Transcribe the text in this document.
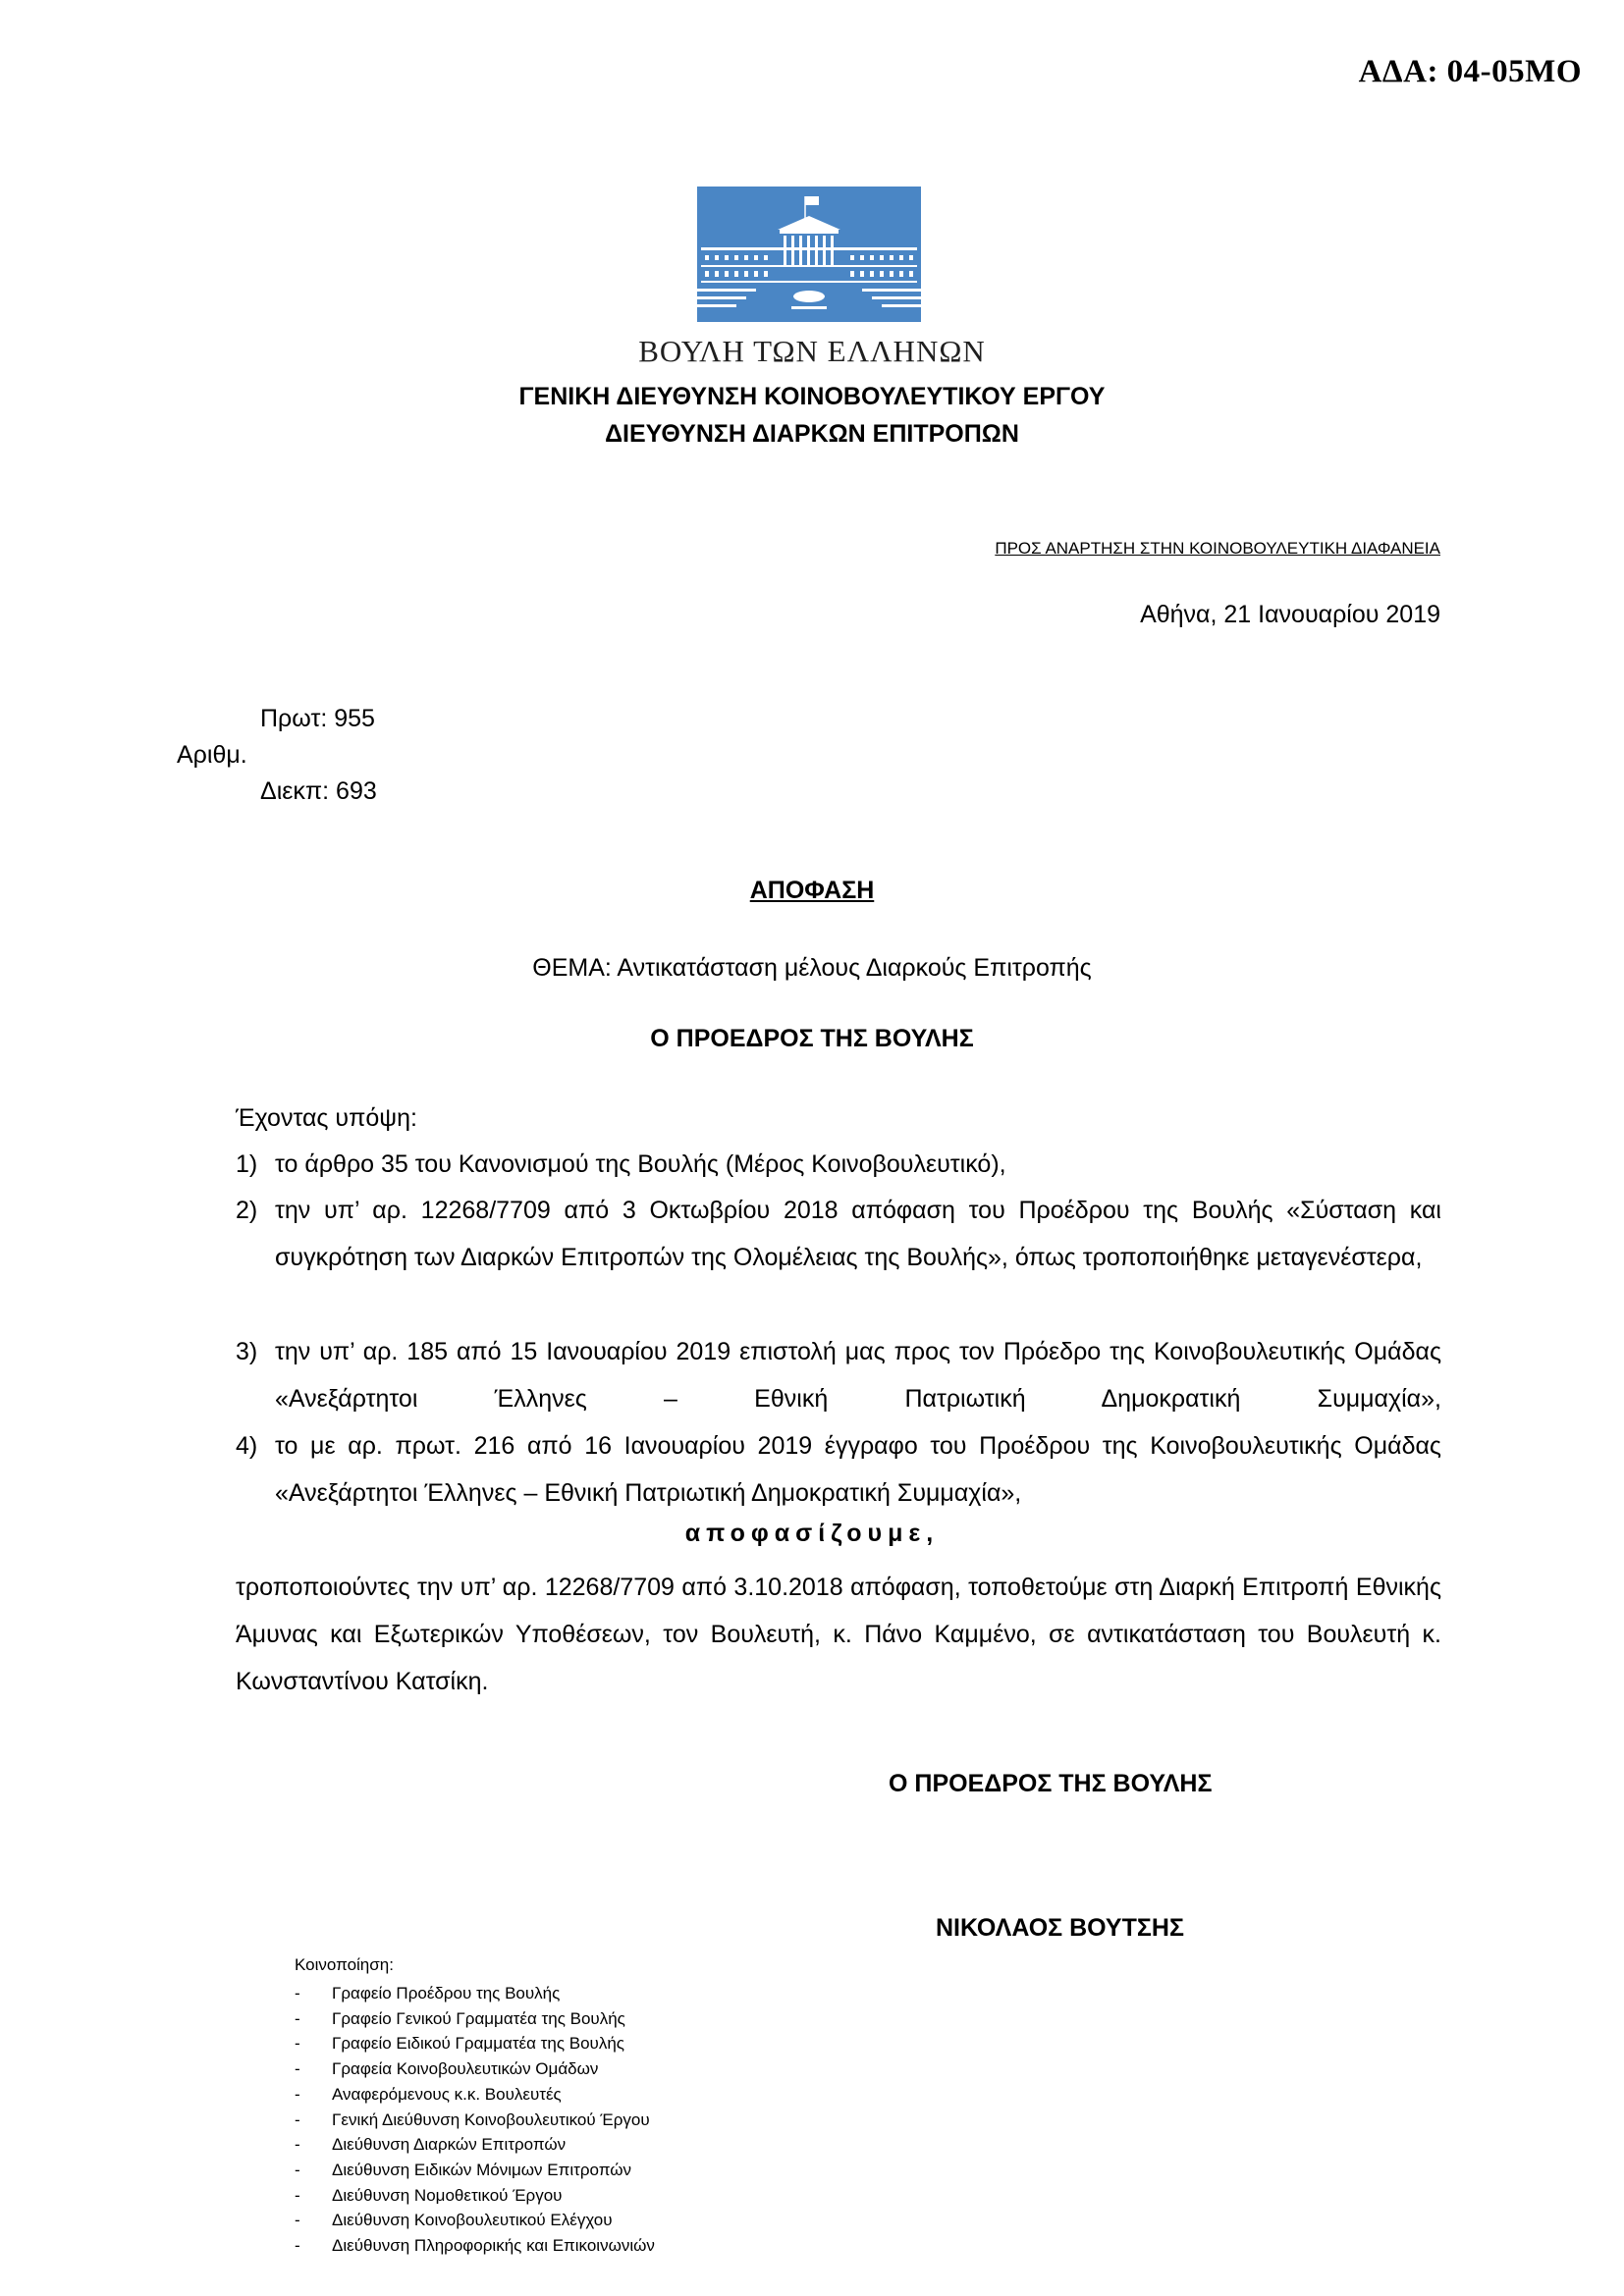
ΑΔΑ: 04-05ΜΟ
ΒΟΥΛΗ ΤΩΝ ΕΛΛΗΝΩΝ
ΓΕΝΙΚΗ ΔΙΕΥΘΥΝΣΗ ΚΟΙΝΟΒΟΥΛΕΥΤΙΚΟΥ ΕΡΓΟΥ
ΔΙΕΥΘΥΝΣΗ ΔΙΑΡΚΩΝ ΕΠΙΤΡΟΠΩΝ
ΠΡΟΣ ΑΝΑΡΤΗΣΗ ΣΤΗΝ ΚΟΙΝΟΒΟΥΛΕΥΤΙΚΗ ΔΙΑΦΑΝΕΙΑ
Αθήνα, 21 Ιανουαρίου 2019
Πρωτ: 955
Αριθμ.
Διεκπ: 693
ΑΠΟΦΑΣΗ
ΘΕΜΑ: Αντικατάσταση μέλους Διαρκούς Επιτροπής
Ο ΠΡΟΕΔΡΟΣ ΤΗΣ ΒΟΥΛΗΣ
Έχοντας υπόψη:
1) το άρθρο 35 του Κανονισμού της Βουλής (Μέρος Κοινοβουλευτικό),
2) την υπ’ αρ. 12268/7709 από 3 Οκτωβρίου 2018 απόφαση του Προέδρου της Βουλής «Σύσταση και συγκρότηση των Διαρκών Επιτροπών της Ολομέλειας της Βουλής», όπως τροποποιήθηκε μεταγενέστερα,
3) την υπ’ αρ. 185 από 15 Ιανουαρίου 2019 επιστολή μας προς τον Πρόεδρο της Κοινοβουλευτικής Ομάδας «Ανεξάρτητοι Έλληνες – Εθνική Πατριωτική Δημοκρατική Συμμαχία»,
4) το με αρ. πρωτ. 216 από 16 Ιανουαρίου 2019 έγγραφο του Προέδρου της Κοινοβουλευτικής Ομάδας «Ανεξάρτητοι Έλληνες – Εθνική Πατριωτική Δημοκρατική Συμμαχία»,
αποφασίζουμε,
τροποποιούντες την υπ’ αρ. 12268/7709 από 3.10.2018 απόφαση, τοποθετούμε στη Διαρκή Επιτροπή Εθνικής Άμυνας και Εξωτερικών Υποθέσεων, τον Βουλευτή, κ. Πάνο Καμμένο, σε αντικατάσταση του Βουλευτή κ. Κωνσταντίνου Κατσίκη.
Ο ΠΡΟΕΔΡΟΣ ΤΗΣ ΒΟΥΛΗΣ
ΝΙΚΟΛΑΟΣ ΒΟΥΤΣΗΣ
Κοινοποίηση:
- Γραφείο Προέδρου της Βουλής
- Γραφείο Γενικού Γραμματέα της Βουλής
- Γραφείο Ειδικού Γραμματέα της Βουλής
- Γραφεία Κοινοβουλευτικών Ομάδων
- Αναφερόμενους κ.κ. Βουλευτές
- Γενική Διεύθυνση Κοινοβουλευτικού Έργου
- Διεύθυνση Διαρκών Επιτροπών
- Διεύθυνση Ειδικών Μόνιμων Επιτροπών
- Διεύθυνση Νομοθετικού Έργου
- Διεύθυνση Κοινοβουλευτικού Ελέγχου
- Διεύθυνση Πληροφορικής και Επικοινωνιών
